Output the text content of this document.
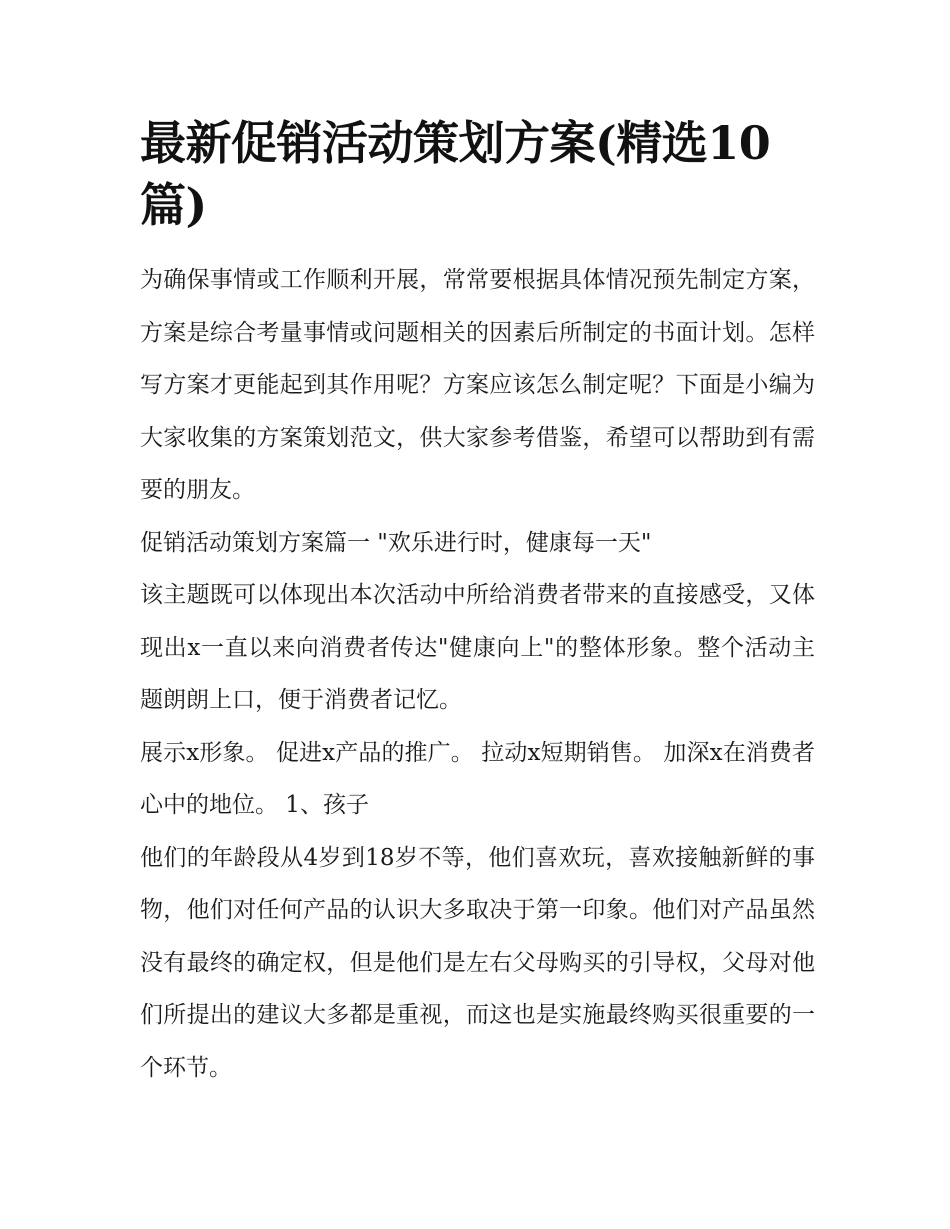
最新促销活动策划方案(精选10篇)

为确保事情或工作顺利开展，常常要根据具体情况预先制定方案，方案是综合考量事情或问题相关的因素后所制定的书面计划。怎样写方案才更能起到其作用呢？方案应该怎么制定呢？下面是小编为大家收集的方案策划范文，供大家参考借鉴，希望可以帮助到有需要的朋友。

促销活动策划方案篇一 "欢乐进行时，健康每一天"

该主题既可以体现出本次活动中所给消费者带来的直接感受，又体现出x一直以来向消费者传达"健康向上"的整体形象。整个活动主题朗朗上口，便于消费者记忆。

展示x形象。 促进x产品的推广。 拉动x短期销售。 加深x在消费者心中的地位。 1、孩子

他们的年龄段从4岁到18岁不等，他们喜欢玩，喜欢接触新鲜的事物，他们对任何产品的认识大多取决于第一印象。他们对产品虽然没有最终的确定权，但是他们是左右父母购买的引导权，父母对他们所提出的建议大多都是重视，而这也是实施最终购买很重要的一个环节。
